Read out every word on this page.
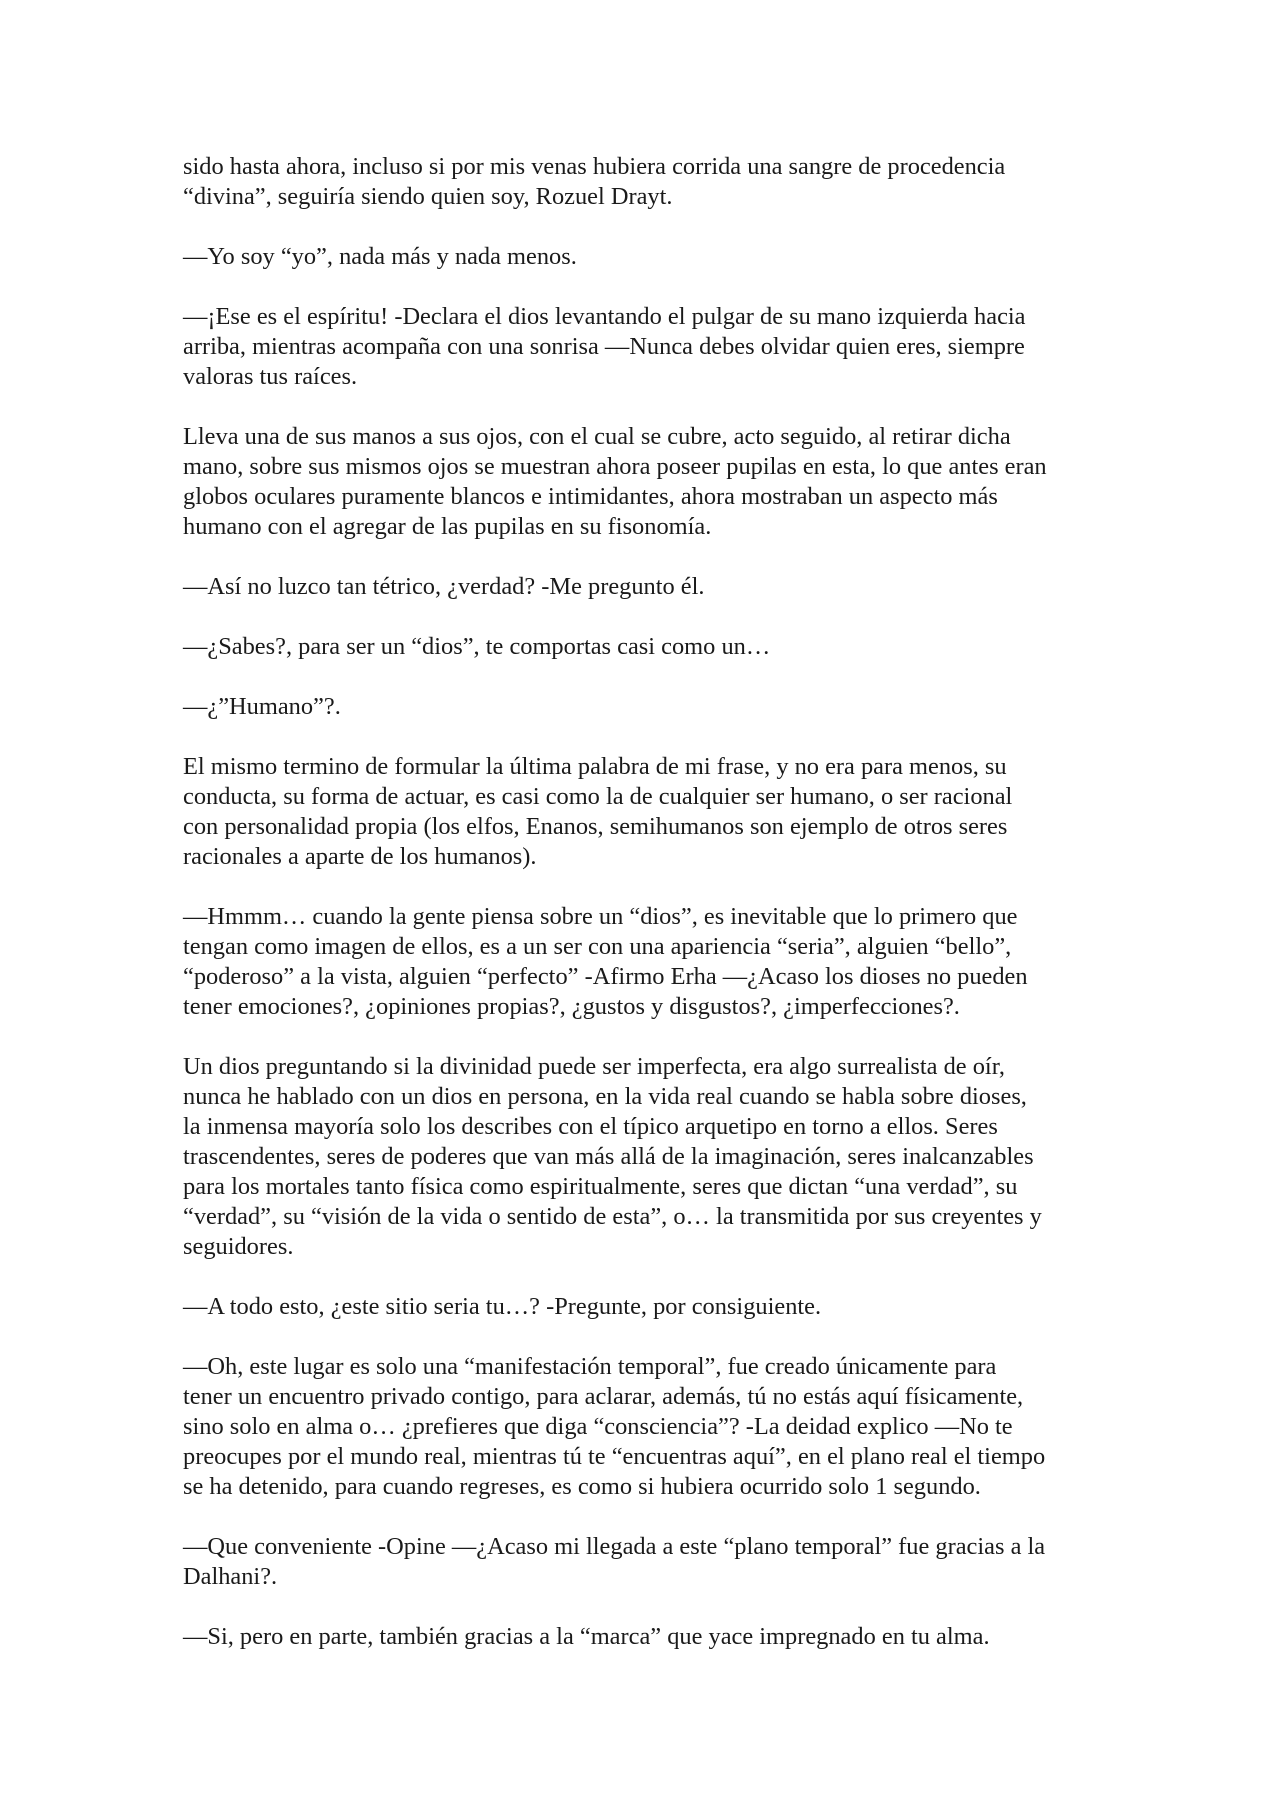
sido hasta ahora, incluso si por mis venas hubiera corrida una sangre de procedencia
“divina”, seguiría siendo quien soy, Rozuel Drayt.

—Yo soy “yo”, nada más y nada menos.

—¡Ese es el espíritu! -Declara el dios levantando el pulgar de su mano izquierda hacia
arriba, mientras acompaña con una sonrisa —Nunca debes olvidar quien eres, siempre
valoras tus raíces.

Lleva una de sus manos a sus ojos, con el cual se cubre, acto seguido, al retirar dicha
mano, sobre sus mismos ojos se muestran ahora poseer pupilas en esta, lo que antes eran
globos oculares puramente blancos e intimidantes, ahora mostraban un aspecto más
humano con el agregar de las pupilas en su fisonomía.

—Así no luzco tan tétrico, ¿verdad? -Me pregunto él.

—¿Sabes?, para ser un “dios”, te comportas casi como un…

—¿”Humano”?.

El mismo termino de formular la última palabra de mi frase, y no era para menos, su
conducta, su forma de actuar, es casi como la de cualquier ser humano, o ser racional
con personalidad propia (los elfos, Enanos, semihumanos son ejemplo de otros seres
racionales a aparte de los humanos).

—Hmmm… cuando la gente piensa sobre un “dios”, es inevitable que lo primero que
tengan como imagen de ellos, es a un ser con una apariencia “seria”, alguien “bello”,
“poderoso” a la vista, alguien “perfecto” -Afirmo Erha —¿Acaso los dioses no pueden
tener emociones?, ¿opiniones propias?, ¿gustos y disgustos?, ¿imperfecciones?.

Un dios preguntando si la divinidad puede ser imperfecta, era algo surrealista de oír,
nunca he hablado con un dios en persona, en la vida real cuando se habla sobre dioses,
la inmensa mayoría solo los describes con el típico arquetipo en torno a ellos. Seres
trascendentes, seres de poderes que van más allá de la imaginación, seres inalcanzables
para los mortales tanto física como espiritualmente, seres que dictan “una verdad”, su
“verdad”, su “visión de la vida o sentido de esta”, o… la transmitida por sus creyentes y
seguidores.

—A todo esto, ¿este sitio seria tu…? -Pregunte, por consiguiente.

—Oh, este lugar es solo una “manifestación temporal”, fue creado únicamente para
tener un encuentro privado contigo, para aclarar, además, tú no estás aquí físicamente,
sino solo en alma o… ¿prefieres que diga “consciencia”? -La deidad explico —No te
preocupes por el mundo real, mientras tú te “encuentras aquí”, en el plano real el tiempo
se ha detenido, para cuando regreses, es como si hubiera ocurrido solo 1 segundo.

—Que conveniente -Opine —¿Acaso mi llegada a este “plano temporal” fue gracias a la
Dalhani?.

—Si, pero en parte, también gracias a la “marca” que yace impregnado en tu alma.
